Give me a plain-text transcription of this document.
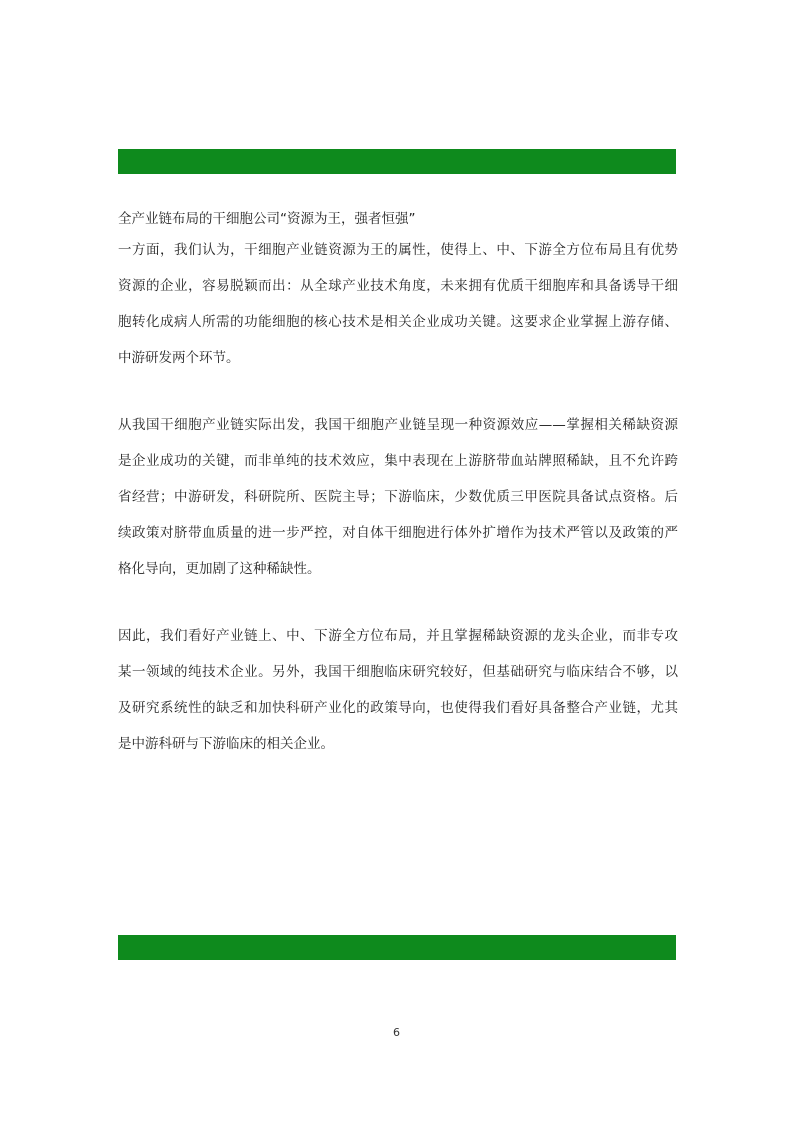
全产业链布局的干细胞公司“资源为王，强者恒强”

一方面，我们认为，干细胞产业链资源为王的属性，使得上、中、下游全方位布局且有优势
资源的企业，容易脱颖而出：从全球产业技术角度，未来拥有优质干细胞库和具备诱导干细
胞转化成病人所需的功能细胞的核心技术是相关企业成功关键。这要求企业掌握上游存储、
中游研发两个环节。
从我国干细胞产业链实际出发，我国干细胞产业链呈现一种资源效应——掌握相关稀缺资源
是企业成功的关键，而非单纯的技术效应，集中表现在上游脐带血站牌照稀缺，且不允许跨
省经营；中游研发，科研院所、医院主导；下游临床，少数优质三甲医院具备试点资格。后
续政策对脐带血质量的进一步严控，对自体干细胞进行体外扩增作为技术严管以及政策的严
格化导向，更加剧了这种稀缺性。
因此，我们看好产业链上、中、下游全方位布局，并且掌握稀缺资源的龙头企业，而非专攻
某一领域的纯技术企业。另外，我国干细胞临床研究较好，但基础研究与临床结合不够，以
及研究系统性的缺乏和加快科研产业化的政策导向，也使得我们看好具备整合产业链，尤其
是中游科研与下游临床的相关企业。
6
